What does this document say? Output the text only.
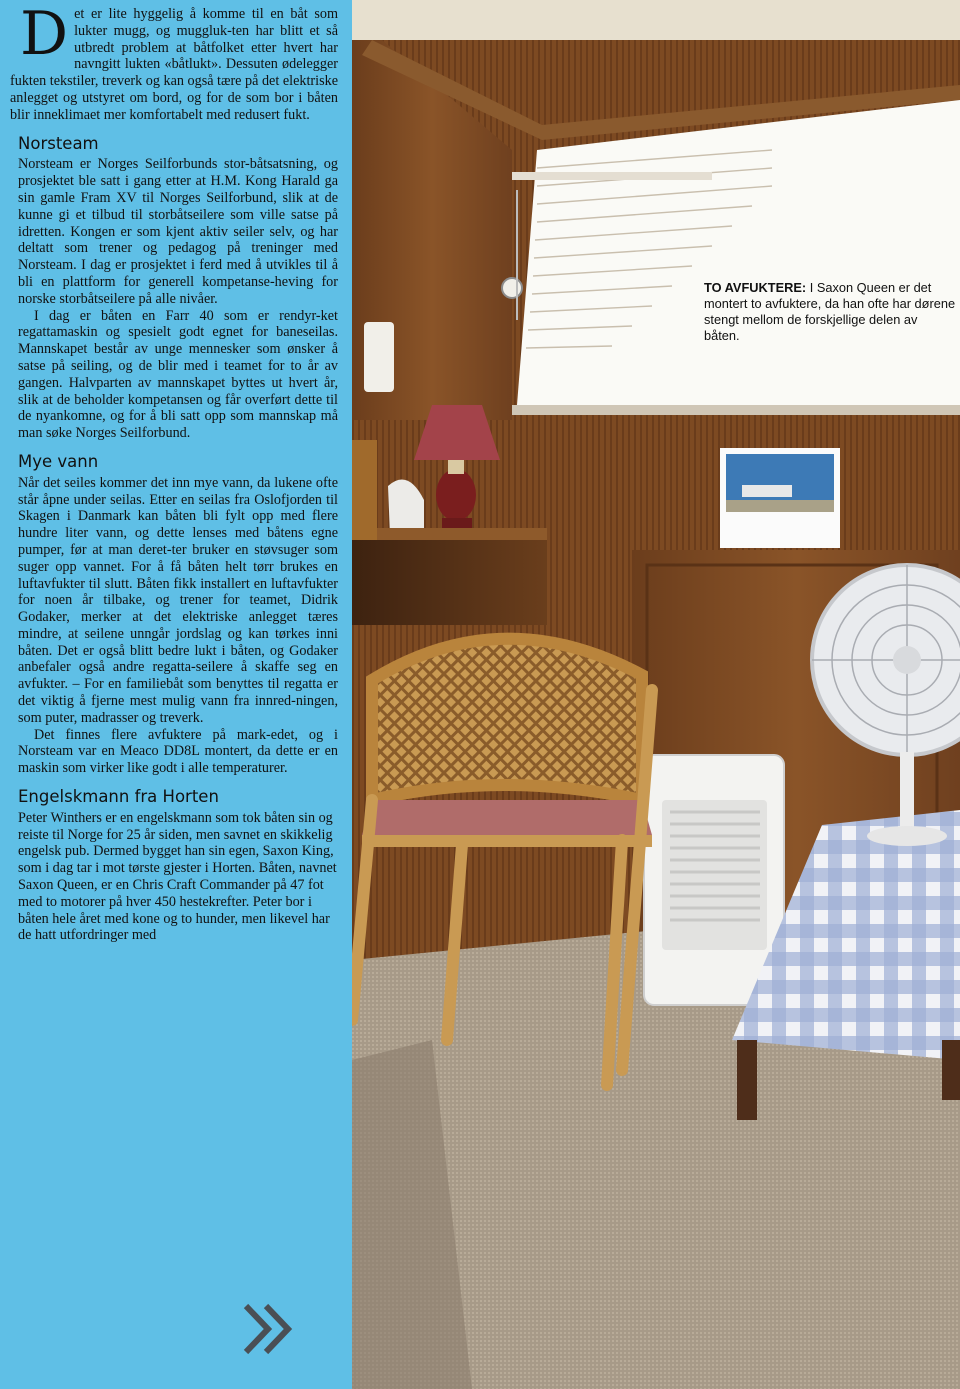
D et er lite hyggelig å komme til en båt som lukter mugg, og muggluk-ten har blitt et så utbredt problem at båtfolket etter hvert har navngitt lukten «båtlukt». Dessuten ødelegger fukten tekstiler, treverk og kan også tære på det elektriske anlegget og utstyret om bord, og for de som bor i båten blir inneklimaet mer komfortabelt med redusert fukt.

Norsteam

Norsteam er Norges Seilforbunds stor-båtsatsning, og prosjektet ble satt i gang etter at H.M. Kong Harald ga sin gamle Fram XV til Norges Seilforbund, slik at de kunne gi et tilbud til storbåtseilere som ville satse på idretten. Kongen er som kjent aktiv seiler selv, og har deltatt som trener og pedagog på treninger med Norsteam. I dag er prosjektet i ferd med å utvikles til å bli en plattform for generell kompetanse-heving for norske storbåtseilere på alle nivåer.

I dag er båten en Farr 40 som er rendyr-ket regattamaskin og spesielt godt egnet for baneseilas. Mannskapet består av unge mennesker som ønsker å satse på seiling, og de blir med i teamet for to år av gangen. Halvparten av mannskapet byttes ut hvert år, slik at de beholder kompetansen og får overført dette til de nyankomne, og for å bli satt opp som mannskap må man søke Norges Seilforbund.

Mye vann

Når det seiles kommer det inn mye vann, da lukene ofte står åpne under seilas. Etter en seilas fra Oslofjorden til Skagen i Danmark kan båten bli fylt opp med flere hundre liter vann, og dette lenses med båtens egne pumper, før at man deret-ter bruker en støvsuger som suger opp vannet. For å få båten helt tørr brukes en luftavfukter til slutt. Båten fikk installert en luftavfukter for noen år tilbake, og trener for teamet, Didrik Godaker, merker at det elektriske anlegget tæres mindre, at seilene unngår jordslag og kan tørkes inni båten. Det er også blitt bedre lukt i båten, og Godaker anbefaler også andre regatta-seilere å skaffe seg en avfukter. – For en familiebåt som benyttes til regatta er det viktig å fjerne mest mulig vann fra innred-ningen, som puter, madrasser og treverk.

Det finnes flere avfuktere på mark-edet, og i Norsteam var en Meaco DD8L montert, da dette er en maskin som virker like godt i alle temperaturer.

Engelskmann fra Horten

Peter Winthers er en engelskmann som tok båten sin og reiste til Norge for 25 år siden, men savnet en skikkelig engelsk pub. Dermed bygget han sin egen, Saxon King, som i dag tar i mot tørste gjester i Horten. Båten, navnet Saxon Queen, er en Chris Craft Commander på 47 fot med to motorer på hver 450 hestekrefter. Peter bor i båten hele året med kone og to hunder, men likevel har de hatt utfordringer med

TO AVFUKTERE: I Saxon Queen er det montert to avfuktere, da han ofte har dørene stengt mellom de forskjellige delen av båten.
